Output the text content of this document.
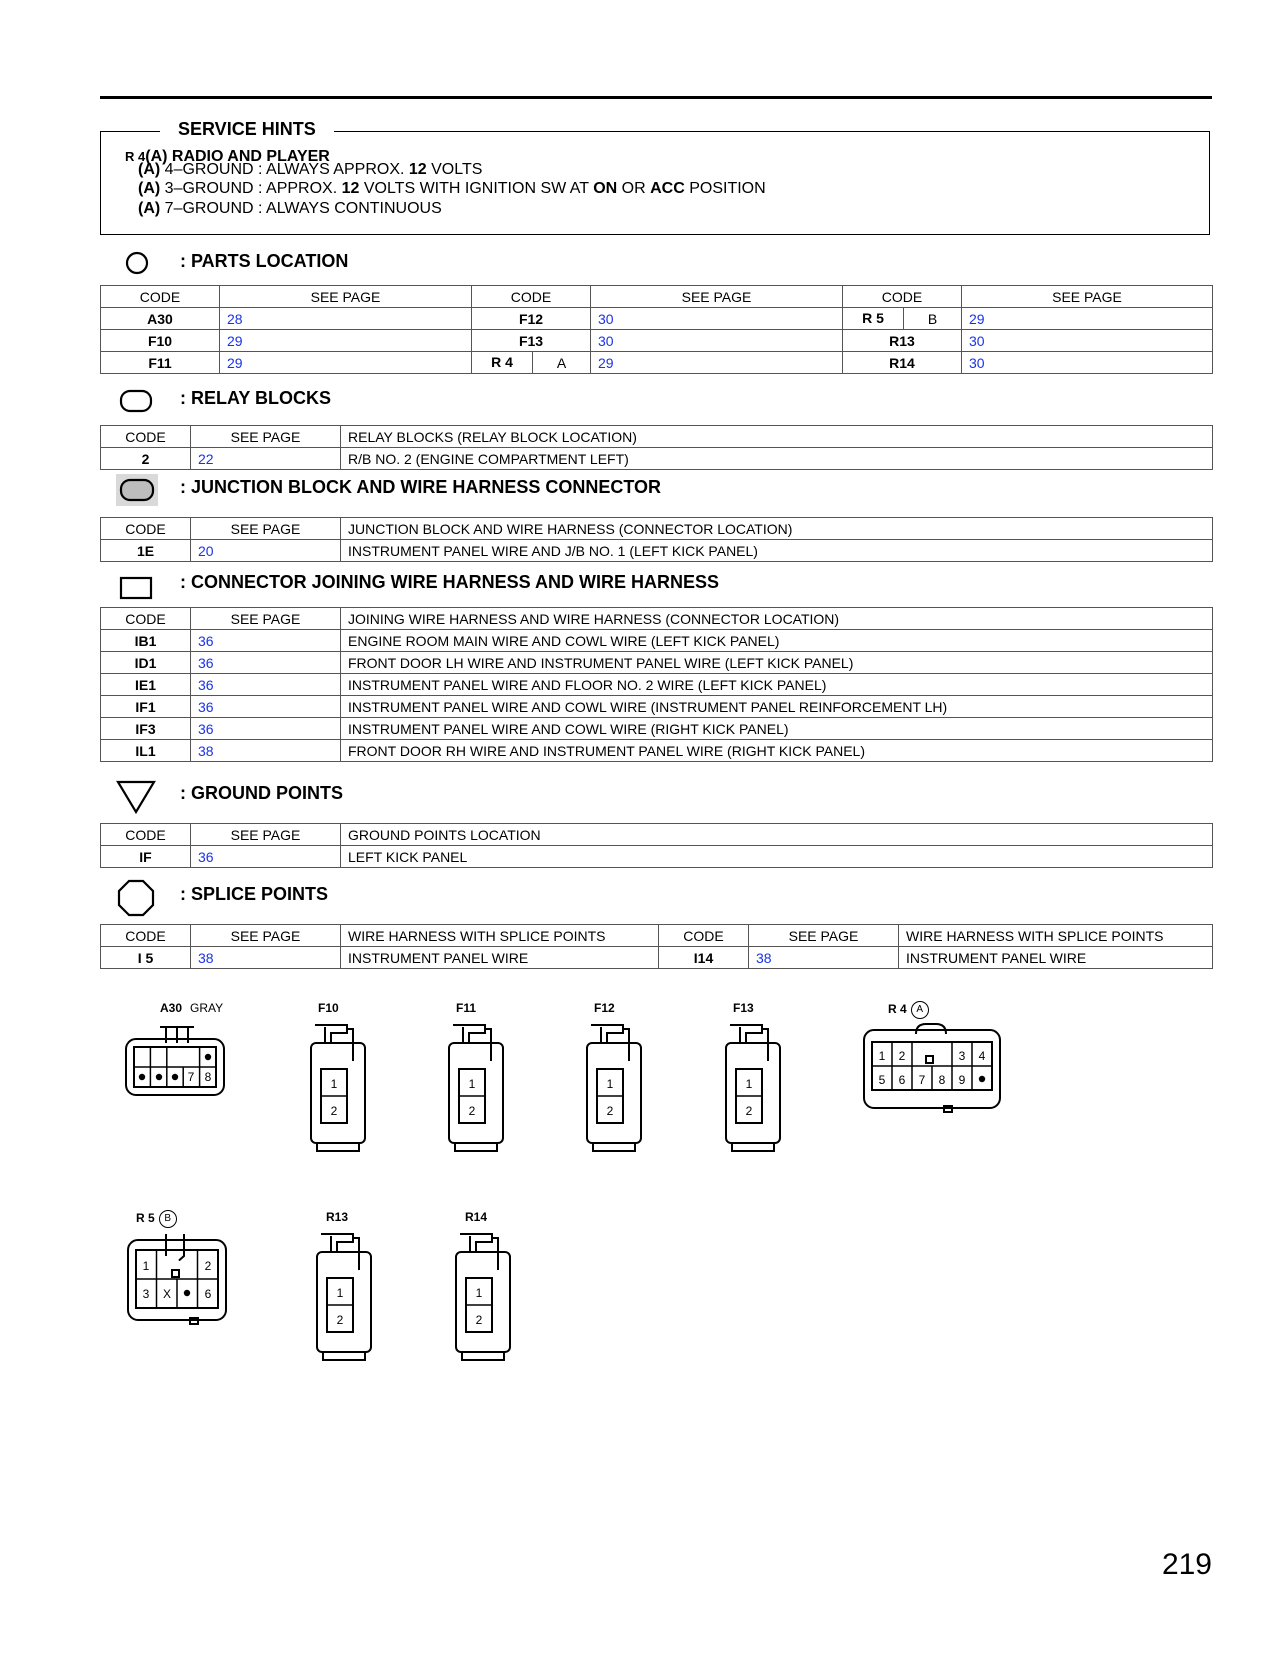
SERVICE HINTS
R 4(A) RADIO AND PLAYER
(A) 4–GROUND : ALWAYS APPROX. 12 VOLTS
(A) 3–GROUND : APPROX. 12 VOLTS WITH IGNITION SW AT ON OR ACC POSITION
(A) 7–GROUND : ALWAYS CONTINUOUS
: PARTS LOCATION
: RELAY BLOCKS
: JUNCTION BLOCK AND WIRE HARNESS CONNECTOR
: CONNECTOR JOINING WIRE HARNESS AND WIRE HARNESS
: GROUND POINTS
: SPLICE POINTS
CODE	SEE PAGE	CODE	SEE PAGE	CODE	SEE PAGE
A30	28	F12	30	R 5 B	29
F10	29	F13	30	R13	30
F11	29	R 4 A	29	R14	30
CODE	SEE PAGE	RELAY BLOCKS (RELAY BLOCK LOCATION)
2	22	R/B NO. 2 (ENGINE COMPARTMENT LEFT)
CODE	SEE PAGE	JUNCTION BLOCK AND WIRE HARNESS (CONNECTOR LOCATION)
1E	20	INSTRUMENT PANEL WIRE AND J/B NO. 1 (LEFT KICK PANEL)
CODE	SEE PAGE	JOINING WIRE HARNESS AND WIRE HARNESS (CONNECTOR LOCATION)
IB1	36	ENGINE ROOM MAIN WIRE AND COWL WIRE (LEFT KICK PANEL)
ID1	36	FRONT DOOR LH WIRE AND INSTRUMENT PANEL WIRE (LEFT KICK PANEL)
IE1	36	INSTRUMENT PANEL WIRE AND FLOOR NO. 2 WIRE (LEFT KICK PANEL)
IF1	36	INSTRUMENT PANEL WIRE AND COWL WIRE (INSTRUMENT PANEL REINFORCEMENT LH)
IF3	36	INSTRUMENT PANEL WIRE AND COWL WIRE (RIGHT KICK PANEL)
IL1	38	FRONT DOOR RH WIRE AND INSTRUMENT PANEL WIRE (RIGHT KICK PANEL)
CODE	SEE PAGE	GROUND POINTS LOCATION
IF	36	LEFT KICK PANEL
CODE	SEE PAGE	WIRE HARNESS WITH SPLICE POINTS	CODE	SEE PAGE	WIRE HARNESS WITH SPLICE POINTS
I 5	38	INSTRUMENT PANEL WIRE	I14	38	INSTRUMENT PANEL WIRE
A30 GRAY
7 8
F10
1
2
F11
1
2
F12
1
2
F13
1
2
R 4 A
1 2	3 4
5 6 7 8 9
R 5 B
1	2
3 X	6
R13
1
2
R14
1
2
219
